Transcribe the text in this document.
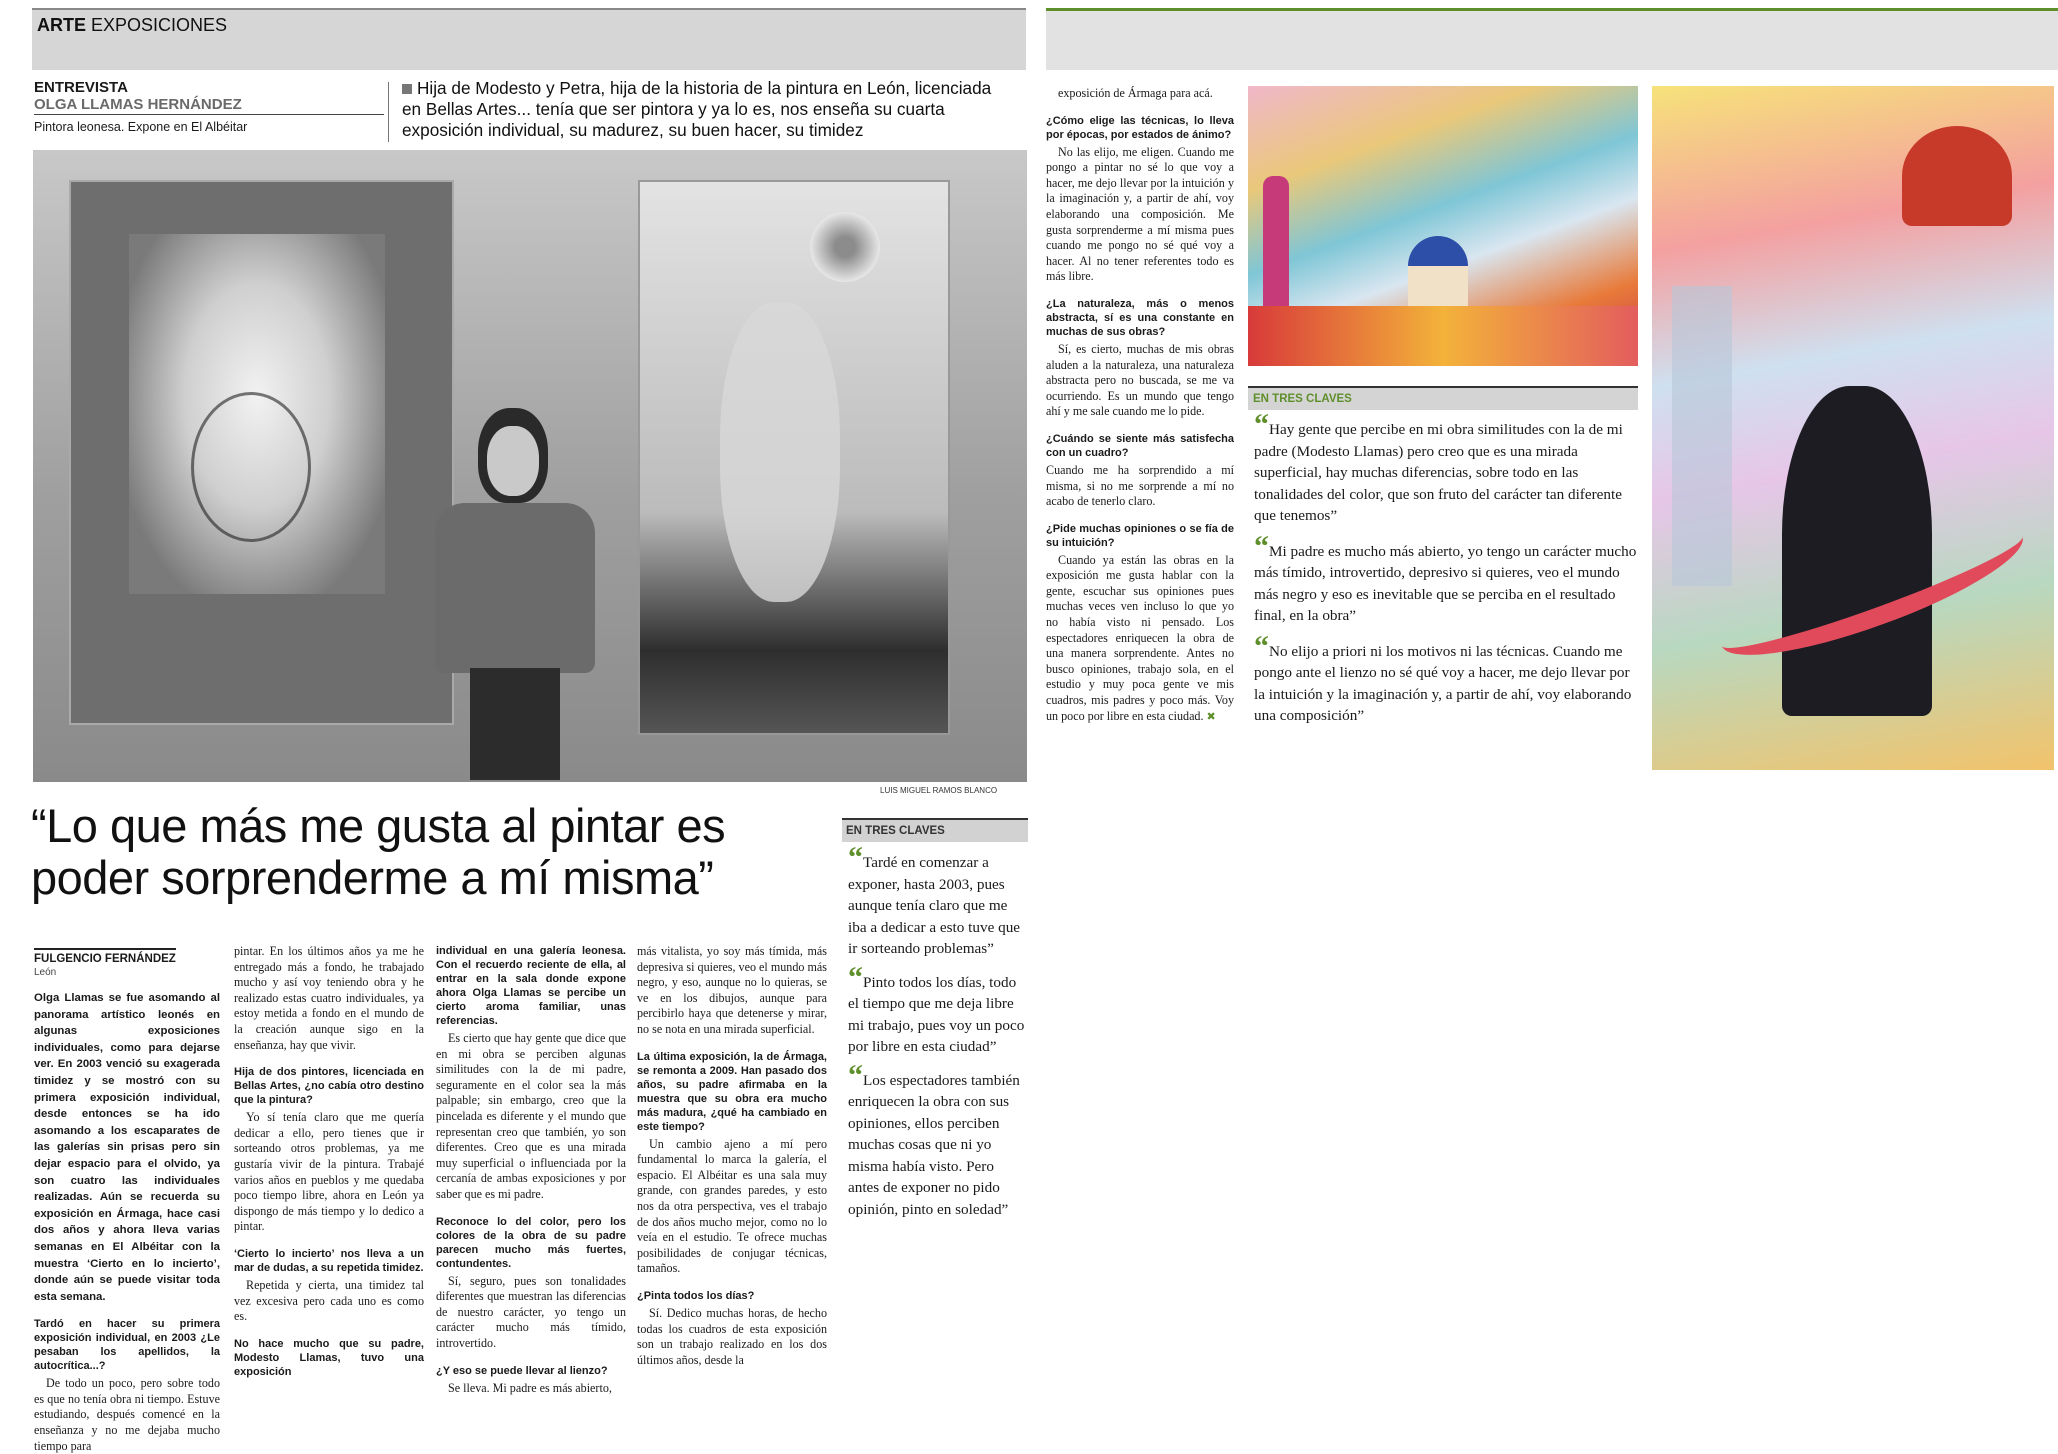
ARTE EXPOSICIONES
ENTREVISTA
OLGA LLAMAS HERNÁNDEZ
Pintora leonesa. Expone en El Albéitar
Hija de Modesto y Petra, hija de la historia de la pintura en León, licenciada en Bellas Artes... tenía que ser pintora y ya lo es, nos enseña su cuarta exposición individual, su madurez, su buen hacer, su timidez
LUIS MIGUEL RAMOS BLANCO
“Lo que más me gusta al pintar es poder sorprenderme a mí misma”
FULGENCIO FERNÁNDEZ
León

Olga Llamas se fue asomando al panorama artístico leonés en algunas exposiciones individuales, como para dejarse ver. En 2003 venció su exagerada timidez y se mostró con su primera exposición individual, desde entonces se ha ido asomando a los escaparates de las galerías sin prisas pero sin dejar espacio para el olvido, ya son cuatro las individuales realizadas. Aún se recuerda su exposición en Ármaga, hace casi dos años y ahora lleva varias semanas en El Albéitar con la muestra ‘Cierto en lo incierto’, donde aún se puede visitar toda esta semana.

Tardó en hacer su primera exposición individual, en 2003 ¿Le pesaban los apellidos, la autocrítica...?

De todo un poco, pero sobre todo es que no tenía obra ni tiempo. Estuve estudiando, después comencé en la enseñanza y no me dejaba mucho tiempo para

pintar. En los últimos años ya me he entregado más a fondo, he trabajado mucho y así voy teniendo obra y he realizado estas cuatro individuales, ya estoy metida a fondo en el mundo de la creación aunque sigo en la enseñanza, hay que vivir.

Hija de dos pintores, licenciada en Bellas Artes, ¿no cabía otro destino que la pintura?

Yo sí tenía claro que me quería dedicar a ello, pero tienes que ir sorteando otros problemas, ya me gustaría vivir de la pintura. Trabajé varios años en pueblos y me quedaba poco tiempo libre, ahora en León ya dispongo de más tiempo y lo dedico a pintar.

‘Cierto lo incierto’ nos lleva a un mar de dudas, a su repetida timidez.

Repetida y cierta, una timidez tal vez excesiva pero cada uno es como es.

No hace mucho que su padre, Modesto Llamas, tuvo una exposición
individual en una galería leonesa. Con el recuerdo reciente de ella, al entrar en la sala donde expone ahora Olga Llamas se percibe un cierto aroma familiar, unas referencias.

Es cierto que hay gente que dice que en mi obra se perciben algunas similitudes con la de mi padre, seguramente en el color sea la más palpable; sin embargo, creo que la pincelada es diferente y el mundo que representan creo que también, yo son diferentes. Creo que es una mirada muy superficial o influenciada por la cercanía de ambas exposiciones y por saber que es mi padre.

Reconoce lo del color, pero los colores de la obra de su padre parecen mucho más fuertes, contundentes.

Sí, seguro, pues son tonalidades diferentes que muestran las diferencias de nuestro carácter, yo tengo un carácter mucho más tímido, introvertido.

¿Y eso se puede llevar al lienzo?

Se lleva. Mi padre es más abierto,

más vitalista, yo soy más tímida, más depresiva si quieres, veo el mundo más negro, y eso, aunque no lo quieras, se ve en los dibujos, aunque para percibirlo haya que detenerse y mirar, no se nota en una mirada superficial.

La última exposición, la de Ármaga, se remonta a 2009. Han pasado dos años, su padre afirmaba en la muestra que su obra era mucho más madura, ¿qué ha cambiado en este tiempo?

Un cambio ajeno a mí pero fundamental lo marca la galería, el espacio. El Albéitar es una sala muy grande, con grandes paredes, y esto nos da otra perspectiva, ves el trabajo de dos años mucho mejor, como no lo veía en el estudio. Te ofrece muchas posibilidades de conjugar técnicas, tamaños.

¿Pinta todos los días?

Sí. Dedico muchas horas, de hecho todas los cuadros de esta exposición son un trabajo realizado en los dos últimos años, desde la

EN TRES CLAVES
“Tardé en comenzar a exponer, hasta 2003, pues aunque tenía claro que me iba a dedicar a esto tuve que ir sorteando problemas”
“Pinto todos los días, todo el tiempo que me deja libre mi trabajo, pues voy un poco por libre en esta ciudad”
“Los espectadores también enriquecen la obra con sus opiniones, ellos perciben muchas cosas que ni yo misma había visto. Pero antes de exponer no pido opinión, pinto en soledad”

exposición de Ármaga para acá.

¿Cómo elige las técnicas, lo lleva por épocas, por estados de ánimo?

No las elijo, me eligen. Cuando me pongo a pintar no sé lo que voy a hacer, me dejo llevar por la intuición y la imaginación y, a partir de ahí, voy elaborando una composición. Me gusta sorprenderme a mí misma pues cuando me pongo no sé qué voy a hacer. Al no tener referentes todo es más libre.

¿La naturaleza, más o menos abstracta, sí es una constante en muchas de sus obras?

Sí, es cierto, muchas de mis obras aluden a la naturaleza, una naturaleza abstracta pero no buscada, se me va ocurriendo. Es un mundo que tengo ahí y me sale cuando me lo pide.

¿Cuándo se siente más satisfecha con un cuadro?

Cuando me ha sorprendido a mí misma, si no me sorprende a mí no acabo de tenerlo claro.

¿Pide muchas opiniones o se fía de su intuición?

Cuando ya están las obras en la exposición me gusta hablar con la gente, escuchar sus opiniones pues muchas veces ven incluso lo que yo no había visto ni pensado. Los espectadores enriquecen la obra de una manera sorprendente. Antes no busco opiniones, trabajo sola, en el estudio y muy poca gente ve mis cuadros, mis padres y poco más. Voy un poco por libre en esta ciudad. ✖

EN TRES CLAVES
“Hay gente que percibe en mi obra similitudes con la de mi padre (Modesto Llamas) pero creo que es una mirada superficial, hay muchas diferencias, sobre todo en las tonalidades del color, que son fruto del carácter tan diferente que tenemos”
“Mi padre es mucho más abierto, yo tengo un carácter mucho más tímido, introvertido, depresivo si quieres, veo el mundo más negro y eso es inevitable que se perciba en el resultado final, en la obra”
“No elijo a priori ni los motivos ni las técnicas. Cuando me pongo ante el lienzo no sé qué voy a hacer, me dejo llevar por la intuición y la imaginación y, a partir de ahí, voy elaborando una composición”
